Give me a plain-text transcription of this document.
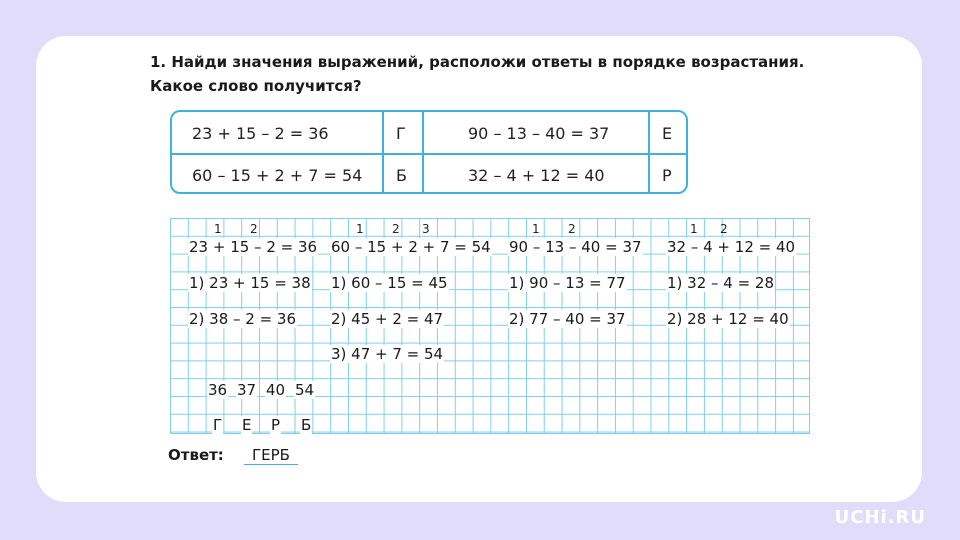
1. Найди значения выражений, расположи ответы в порядке возрастания.
Какое слово получится?
23 + 15 – 2 = 36	Г	90 – 13 – 40 = 37	Е
60 – 15 + 2 + 7 = 54 Б	32 – 4 + 12 = 40	Р
1 2
23 + 15 – 2 = 36
1) 23 + 15 = 38
2) 38 – 2 = 36
1 2 3
60 – 15 + 2 + 7 = 54
1) 60 – 15 = 45
2) 45 + 2 = 47
3) 47 + 7 = 54
1 2
90 – 13 – 40 = 37
1) 90 – 13 = 77
2) 77 – 40 = 37
1 2
32 – 4 + 12 = 40
1) 32 – 4 = 28
2) 28 + 12 = 40
36 37 40 54
Г Е Р Б
Ответ:	ГЕРБ
UCHi.RU
